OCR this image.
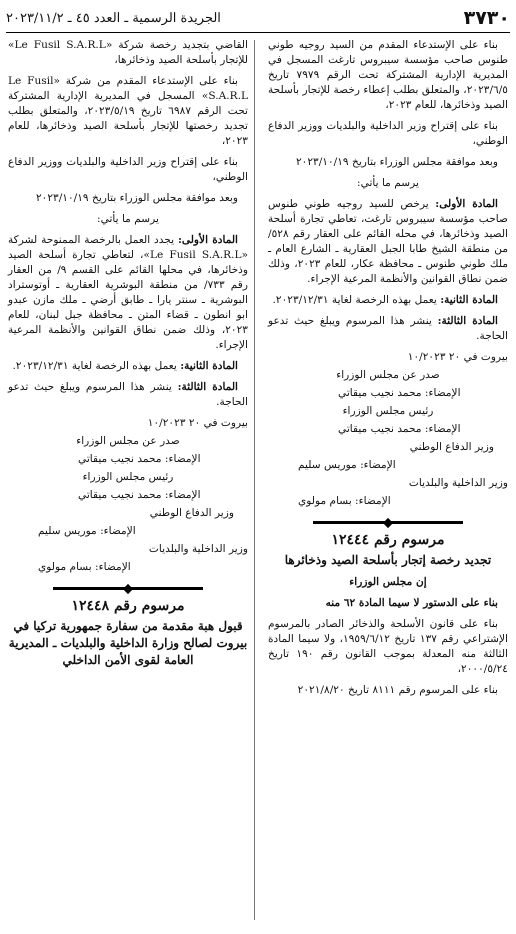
٣٧٣٠
الجريدة الرسمية ـ العدد ٤٥ ـ ٢٠٢٣/١١/٢

بناء على الإستدعاء المقدم من السيد روجيه طوني طنوس صاحب مؤسسة سيبروس تارغت المسجل في المديرية الإدارية المشتركة تحت الرقم ٧٩٧٩ تاريخ ٢٠٢٣/٦/٥، والمتعلق بطلب إعطاء رخصة للإتجار بأسلحة الصيد وذخائرها، للعام ٢٠٢٣،

بناء على إقتراح وزير الداخلية والبلديات ووزير الدفاع الوطني،

وبعد موافقة مجلس الوزراء بتاريخ ٢٠٢٣/١٠/١٩

يرسم ما يأتي:

المادة الأولى: يرخص للسيد روجيه طوني طنوس صاحب مؤسسة سيبروس تارغت، تعاطي تجارة أسلحة الصيد وذخائرها، في محله القائم على العقار رقم ٥٢٨/ من منطقة الشيخ طابا الجبل العقارية ـ الشارع العام ـ ملك طوني طنوس ـ محافظة عكار، للعام ٢٠٢٣، وذلك ضمن نطاق القوانين والأنظمة المرعية الإجراء.

المادة الثانية: يعمل بهذه الرخصة لغاية ٢٠٢٣/١٢/٣١.

المادة الثالثة: ينشر هذا المرسوم ويبلغ حيث تدعو الحاجة.

بيروت في ٢٠ ١٠/٢٠٢٣
صدر عن مجلس الوزراء
الإمضاء: محمد نجيب ميقاتي
رئيس مجلس الوزراء
الإمضاء: محمد نجيب ميقاتي
وزير الدفاع الوطني
الإمضاء: موريس سليم
وزير الداخلية والبلديات
الإمضاء: بسام مولوي

مرسوم رقم ١٢٤٤٤

تجديد رخصة إتجار بأسلحة الصيد وذخائرها

إن مجلس الوزراء

بناء على الدستور لا سيما المادة ٦٢ منه

بناء على قانون الأسلحة والذخائر الصادر بالمرسوم الإشتراعي رقم ١٣٧ تاريخ ١٩٥٩/٦/١٢، ولا سيما المادة الثالثة منه المعدلة بموجب القانون رقم ١٩٠ تاريخ ٢٠٠٠/٥/٢٤،

بناء على المرسوم رقم ٨١١١ تاريخ ٢٠٢١/٨/٢٠

القاضي بتجديد رخصة شركة «Le Fusil S.A.R.L» للإتجار بأسلحة الصيد وذخائرها،

بناء على الإستدعاء المقدم من شركة «Le Fusil S.A.R.L» المسجل في المديرية الإدارية المشتركة تحت الرقم ٦٩٨٧ تاريخ ٢٠٢٣/٥/١٩، والمتعلق بطلب تجديد رخصتها للإتجار بأسلحة الصيد وذخائرها، للعام ٢٠٢٣،

بناء على إقتراح وزير الداخلية والبلديات ووزير الدفاع الوطني،

وبعد موافقة مجلس الوزراء بتاريخ ٢٠٢٣/١٠/١٩

يرسم ما يأتي:

المادة الأولى: يجدد العمل بالرخصة الممنوحة لشركة «Le Fusil S.A.R.L»، لتعاطي تجارة أسلحة الصيد وذخائرها، في محلها القائم على القسم ٩/ من العقار رقم ٧٣٣/ من منطقة البوشرية العقارية ـ أوتوستراد البوشرية ـ سنتر يارا ـ طابق أرضي ـ ملك مازن عبدو ابو انطون ـ قضاء المتن ـ محافظة جبل لبنان، للعام ٢٠٢٣، وذلك ضمن نطاق القوانين والأنظمة المرعية الإجراء.

المادة الثانية: يعمل بهذه الرخصة لغاية ٢٠٢٣/١٢/٣١.

المادة الثالثة: ينشر هذا المرسوم ويبلغ حيث تدعو الحاجة.

بيروت في ٢٠ ١٠/٢٠٢٣
صدر عن مجلس الوزراء
الإمضاء: محمد نجيب ميقاتي
رئيس مجلس الوزراء
الإمضاء: محمد نجيب ميقاتي
وزير الدفاع الوطني
الإمضاء: موريس سليم
وزير الداخلية والبلديات
الإمضاء: بسام مولوي

مرسوم رقم ١٢٤٤٨

قبول هبة مقدمة من سفارة جمهورية تركيا في بيروت لصالح وزارة الداخلية والبلديات ـ المديرية العامة لقوى الأمن الداخلي
